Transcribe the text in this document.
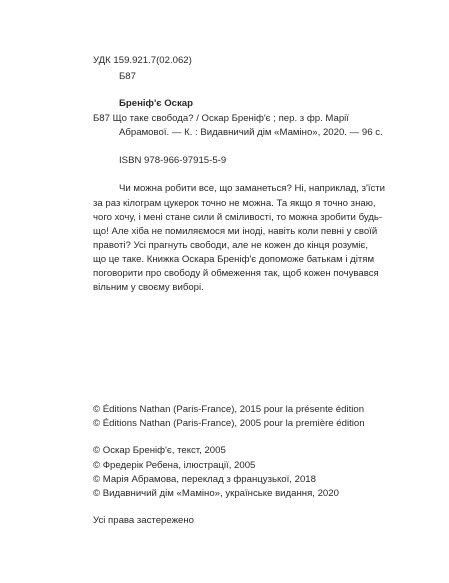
УДК 159.921.7(02.062)
Б87
Бреніф'є Оскар
Б87 Що таке свобода? / Оскар Бреніф'є ; пер. з фр. Марії
Абрамової. — К. : Видавничий дім «Маміно», 2020. — 96 с.
ISBN 978-966-97915-5-9
Чи можна робити все, що заманеться? Ні, наприклад, з'їсти
за раз кілограм цукерок точно не можна. Та якщо я точно знаю,
чого хочу, і мені стане сили й сміливості, то можна зробити будь-
що! Але хіба не помиляємося ми іноді, навіть коли певні у своїй
правоті? Усі прагнуть свободи, але не кожен до кінця розуміє,
що це таке. Книжка Оскара Бреніф'є допоможе батькам і дітям
поговорити про свободу й обмеження так, щоб кожен почувався
вільним у своєму виборі.
© Éditions Nathan (Paris-France), 2015 pour la présente édition
© Éditions Nathan (Paris-France), 2005 pour la première édition
© Оскар Бреніф'є, текст, 2005
© Фредерік Ребена, ілюстрації, 2005
© Марія Абрамова, переклад з французької, 2018
© Видавничий дім «Маміно», українське видання, 2020
Усі права застережено
